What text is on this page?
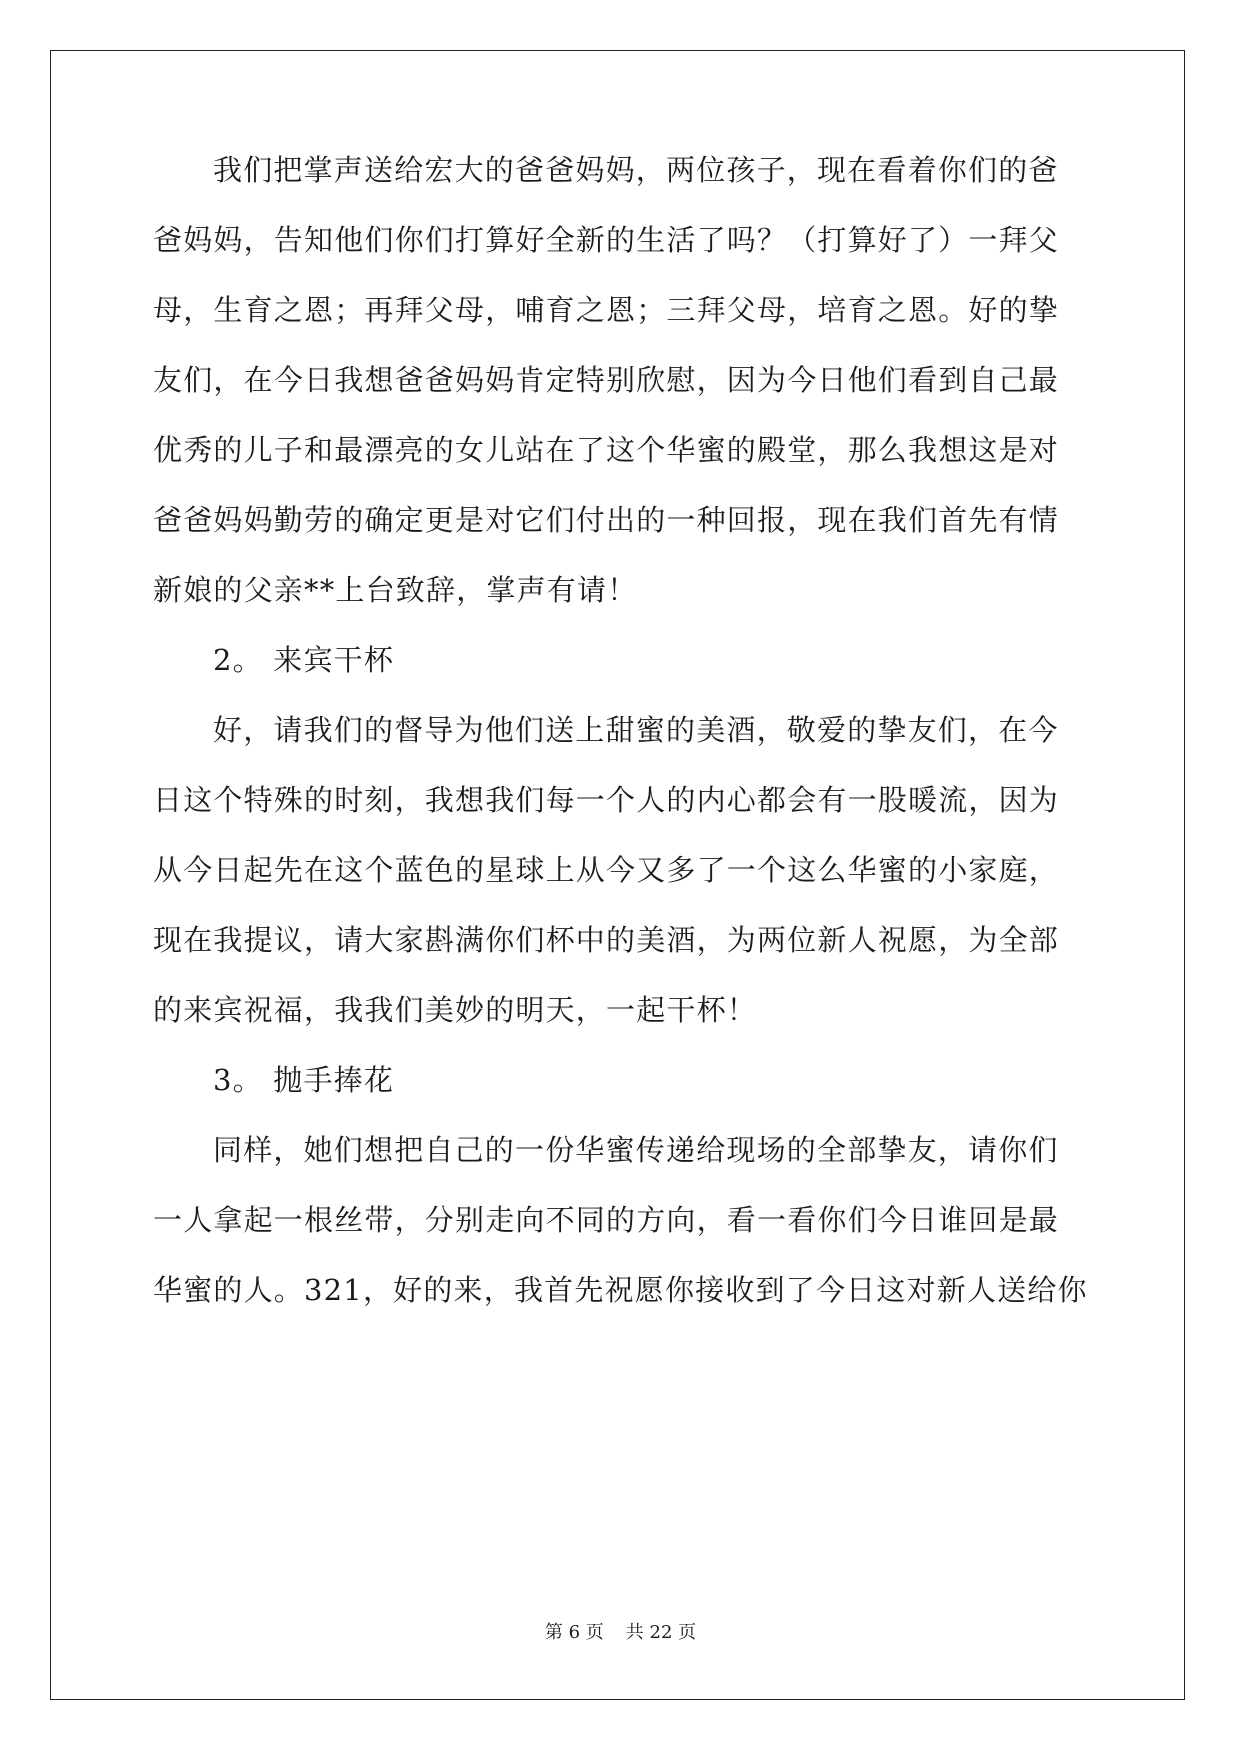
我们把掌声送给宏大的爸爸妈妈，两位孩子，现在看着你们的爸
爸妈妈，告知他们你们打算好全新的生活了吗？（打算好了）一拜父
母，生育之恩；再拜父母，哺育之恩；三拜父母，培育之恩。好的挚
友们，在今日我想爸爸妈妈肯定特别欣慰，因为今日他们看到自己最
优秀的儿子和最漂亮的女儿站在了这个华蜜的殿堂，那么我想这是对
爸爸妈妈勤劳的确定更是对它们付出的一种回报，现在我们首先有情
新娘的父亲**上台致辞，掌声有请！
2。 来宾干杯
好，请我们的督导为他们送上甜蜜的美酒，敬爱的挚友们，在今
日这个特殊的时刻，我想我们每一个人的内心都会有一股暖流，因为
从今日起先在这个蓝色的星球上从今又多了一个这么华蜜的小家庭，
现在我提议，请大家斟满你们杯中的美酒，为两位新人祝愿，为全部
的来宾祝福，我我们美妙的明天，一起干杯！
3。 抛手捧花
同样，她们想把自己的一份华蜜传递给现场的全部挚友，请你们
一人拿起一根丝带，分别走向不同的方向，看一看你们今日谁回是最
华蜜的人。321，好的来，我首先祝愿你接收到了今日这对新人送给你
第 6 页 共 22 页
